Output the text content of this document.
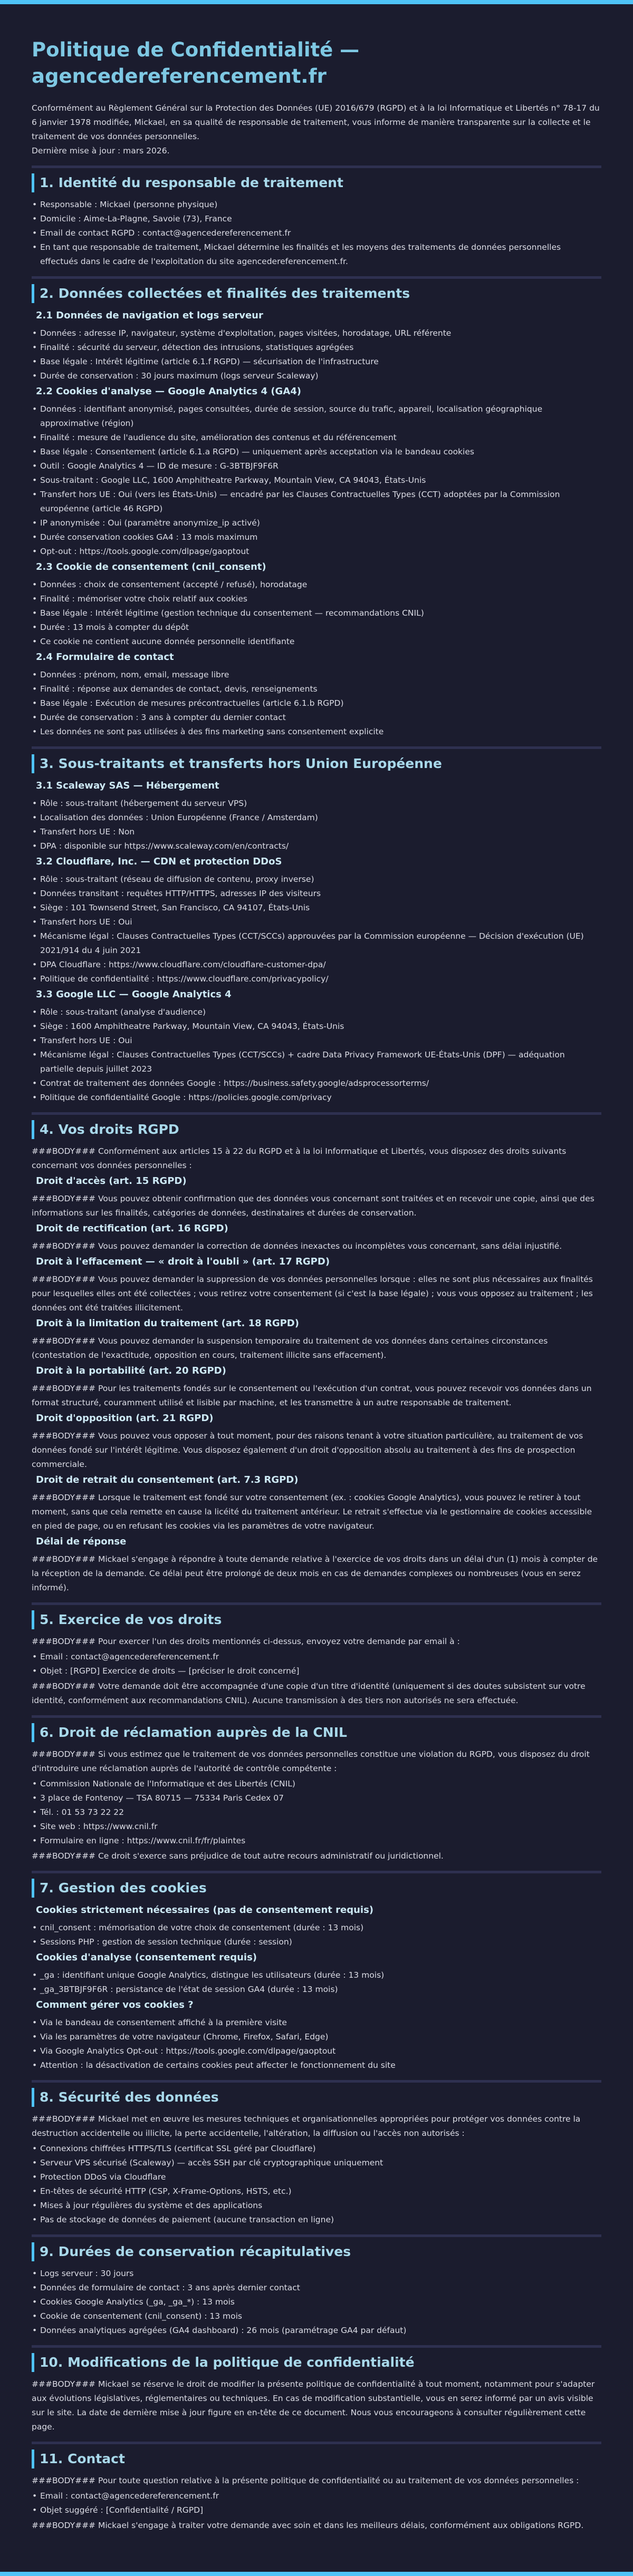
Politique de Confidentialité — agencedereferencement.fr

Conformément au Règlement Général sur la Protection des Données (UE) 2016/679 (RGPD) et à la loi Informatique et Libertés n° 78-17 du 6 janvier 1978 modifiée, Mickael, en sa qualité de responsable de traitement, vous informe de manière transparente sur la collecte et le traitement de vos données personnelles.

Dernière mise à jour : mars 2026.

1. Identité du responsable de traitement
• Responsable : Mickael (personne physique)
• Domicile : Aime-La-Plagne, Savoie (73), France
• Email de contact RGPD : contact@agencedereferencement.fr
• En tant que responsable de traitement, Mickael détermine les finalités et les moyens des traitements de données personnelles effectués dans le cadre de l'exploitation du site agencedereferencement.fr.
2. Données collectées et finalités des traitements
2.1 Données de navigation et logs serveur
• Données : adresse IP, navigateur, système d'exploitation, pages visitées, horodatage, URL référente
• Finalité : sécurité du serveur, détection des intrusions, statistiques agrégées
• Base légale : Intérêt légitime (article 6.1.f RGPD) — sécurisation de l'infrastructure
• Durée de conservation : 30 jours maximum (logs serveur Scaleway)
2.2 Cookies d'analyse — Google Analytics 4 (GA4)
• Données : identifiant anonymisé, pages consultées, durée de session, source du trafic, appareil, localisation géographique approximative (région)
• Finalité : mesure de l'audience du site, amélioration des contenus et du référencement
• Base légale : Consentement (article 6.1.a RGPD) — uniquement après acceptation via le bandeau cookies
• Outil : Google Analytics 4 — ID de mesure : G-3BTBJF9F6R
• Sous-traitant : Google LLC, 1600 Amphitheatre Parkway, Mountain View, CA 94043, États-Unis
• Transfert hors UE : Oui (vers les États-Unis) — encadré par les Clauses Contractuelles Types (CCT) adoptées par la Commission européenne (article 46 RGPD)
• IP anonymisée : Oui (paramètre anonymize_ip activé)
• Durée conservation cookies GA4 : 13 mois maximum
• Opt-out : https://tools.google.com/dlpage/gaoptout
2.3 Cookie de consentement (cnil_consent)
• Données : choix de consentement (accepté / refusé), horodatage
• Finalité : mémoriser votre choix relatif aux cookies
• Base légale : Intérêt légitime (gestion technique du consentement — recommandations CNIL)
• Durée : 13 mois à compter du dépôt
• Ce cookie ne contient aucune donnée personnelle identifiante
2.4 Formulaire de contact
• Données : prénom, nom, email, message libre
• Finalité : réponse aux demandes de contact, devis, renseignements
• Base légale : Exécution de mesures précontractuelles (article 6.1.b RGPD)
• Durée de conservation : 3 ans à compter du dernier contact
• Les données ne sont pas utilisées à des fins marketing sans consentement explicite
3. Sous-traitants et transferts hors Union Européenne
3.1 Scaleway SAS — Hébergement
• Rôle : sous-traitant (hébergement du serveur VPS)
• Localisation des données : Union Européenne (France / Amsterdam)
• Transfert hors UE : Non
• DPA : disponible sur https://www.scaleway.com/en/contracts/
3.2 Cloudflare, Inc. — CDN et protection DDoS
• Rôle : sous-traitant (réseau de diffusion de contenu, proxy inverse)
• Données transitant : requêtes HTTP/HTTPS, adresses IP des visiteurs
• Siège : 101 Townsend Street, San Francisco, CA 94107, États-Unis
• Transfert hors UE : Oui
• Mécanisme légal : Clauses Contractuelles Types (CCT/SCCs) approuvées par la Commission européenne — Décision d'exécution (UE) 2021/914 du 4 juin 2021
• DPA Cloudflare : https://www.cloudflare.com/cloudflare-customer-dpa/
• Politique de confidentialité : https://www.cloudflare.com/privacypolicy/
3.3 Google LLC — Google Analytics 4
• Rôle : sous-traitant (analyse d'audience)
• Siège : 1600 Amphitheatre Parkway, Mountain View, CA 94043, États-Unis
• Transfert hors UE : Oui
• Mécanisme légal : Clauses Contractuelles Types (CCT/SCCs) + cadre Data Privacy Framework UE-États-Unis (DPF) — adéquation partielle depuis juillet 2023
• Contrat de traitement des données Google : https://business.safety.google/adsprocessorterms/
• Politique de confidentialité Google : https://policies.google.com/privacy
4. Vos droits RGPD

###BODY### Conformément aux articles 15 à 22 du RGPD et à la loi Informatique et Libertés, vous disposez des droits suivants concernant vos données personnelles :

Droit d'accès (art. 15 RGPD)

###BODY### Vous pouvez obtenir confirmation que des données vous concernant sont traitées et en recevoir une copie, ainsi que des informations sur les finalités, catégories de données, destinataires et durées de conservation.

Droit de rectification (art. 16 RGPD)

###BODY### Vous pouvez demander la correction de données inexactes ou incomplètes vous concernant, sans délai injustifié.

Droit à l'effacement — « droit à l'oubli » (art. 17 RGPD)

###BODY### Vous pouvez demander la suppression de vos données personnelles lorsque : elles ne sont plus nécessaires aux finalités pour lesquelles elles ont été collectées ; vous retirez votre consentement (si c'est la base légale) ; vous vous opposez au traitement ; les données ont été traitées illicitement.

Droit à la limitation du traitement (art. 18 RGPD)

###BODY### Vous pouvez demander la suspension temporaire du traitement de vos données dans certaines circonstances (contestation de l'exactitude, opposition en cours, traitement illicite sans effacement).

Droit à la portabilité (art. 20 RGPD)

###BODY### Pour les traitements fondés sur le consentement ou l'exécution d'un contrat, vous pouvez recevoir vos données dans un format structuré, couramment utilisé et lisible par machine, et les transmettre à un autre responsable de traitement.

Droit d'opposition (art. 21 RGPD)

###BODY### Vous pouvez vous opposer à tout moment, pour des raisons tenant à votre situation particulière, au traitement de vos données fondé sur l'intérêt légitime. Vous disposez également d'un droit d'opposition absolu au traitement à des fins de prospection commerciale.

Droit de retrait du consentement (art. 7.3 RGPD)

###BODY### Lorsque le traitement est fondé sur votre consentement (ex. : cookies Google Analytics), vous pouvez le retirer à tout moment, sans que cela remette en cause la licéité du traitement antérieur. Le retrait s'effectue via le gestionnaire de cookies accessible en pied de page, ou en refusant les cookies via les paramètres de votre navigateur.

Délai de réponse

###BODY### Mickael s'engage à répondre à toute demande relative à l'exercice de vos droits dans un délai d'un (1) mois à compter de la réception de la demande. Ce délai peut être prolongé de deux mois en cas de demandes complexes ou nombreuses (vous en serez informé).

5. Exercice de vos droits

###BODY### Pour exercer l'un des droits mentionnés ci-dessus, envoyez votre demande par email à :

• Email : contact@agencedereferencement.fr
• Objet : [RGPD] Exercice de droits — [préciser le droit concerné]

###BODY### Votre demande doit être accompagnée d'une copie d'un titre d'identité (uniquement si des doutes subsistent sur votre identité, conformément aux recommandations CNIL). Aucune transmission à des tiers non autorisés ne sera effectuée.

6. Droit de réclamation auprès de la CNIL

###BODY### Si vous estimez que le traitement de vos données personnelles constitue une violation du RGPD, vous disposez du droit d'introduire une réclamation auprès de l'autorité de contrôle compétente :

• Commission Nationale de l'Informatique et des Libertés (CNIL)
• 3 place de Fontenoy — TSA 80715 — 75334 Paris Cedex 07
• Tél. : 01 53 73 22 22
• Site web : https://www.cnil.fr
• Formulaire en ligne : https://www.cnil.fr/fr/plaintes

###BODY### Ce droit s'exerce sans préjudice de tout autre recours administratif ou juridictionnel.

7. Gestion des cookies
Cookies strictement nécessaires (pas de consentement requis)
• cnil_consent : mémorisation de votre choix de consentement (durée : 13 mois)
• Sessions PHP : gestion de session technique (durée : session)
Cookies d'analyse (consentement requis)
• _ga : identifiant unique Google Analytics, distingue les utilisateurs (durée : 13 mois)
• _ga_3BTBJF9F6R : persistance de l'état de session GA4 (durée : 13 mois)
Comment gérer vos cookies ?
• Via le bandeau de consentement affiché à la première visite
• Via les paramètres de votre navigateur (Chrome, Firefox, Safari, Edge)
• Via Google Analytics Opt-out : https://tools.google.com/dlpage/gaoptout
• Attention : la désactivation de certains cookies peut affecter le fonctionnement du site
8. Sécurité des données

###BODY### Mickael met en œuvre les mesures techniques et organisationnelles appropriées pour protéger vos données contre la destruction accidentelle ou illicite, la perte accidentelle, l'altération, la diffusion ou l'accès non autorisés :

• Connexions chiffrées HTTPS/TLS (certificat SSL géré par Cloudflare)
• Serveur VPS sécurisé (Scaleway) — accès SSH par clé cryptographique uniquement
• Protection DDoS via Cloudflare
• En-têtes de sécurité HTTP (CSP, X-Frame-Options, HSTS, etc.)
• Mises à jour régulières du système et des applications
• Pas de stockage de données de paiement (aucune transaction en ligne)
9. Durées de conservation récapitulatives
• Logs serveur : 30 jours
• Données de formulaire de contact : 3 ans après dernier contact
• Cookies Google Analytics (_ga, _ga_*) : 13 mois
• Cookie de consentement (cnil_consent) : 13 mois
• Données analytiques agrégées (GA4 dashboard) : 26 mois (paramétrage GA4 par défaut)
10. Modifications de la politique de confidentialité

###BODY### Mickael se réserve le droit de modifier la présente politique de confidentialité à tout moment, notamment pour s'adapter aux évolutions législatives, réglementaires ou techniques. En cas de modification substantielle, vous en serez informé par un avis visible sur le site. La date de dernière mise à jour figure en en-tête de ce document. Nous vous encourageons à consulter régulièrement cette page.

11. Contact

###BODY### Pour toute question relative à la présente politique de confidentialité ou au traitement de vos données personnelles :

• Email : contact@agencedereferencement.fr
• Objet suggéré : [Confidentialité / RGPD]

###BODY### Mickael s'engage à traiter votre demande avec soin et dans les meilleurs délais, conformément aux obligations RGPD.
